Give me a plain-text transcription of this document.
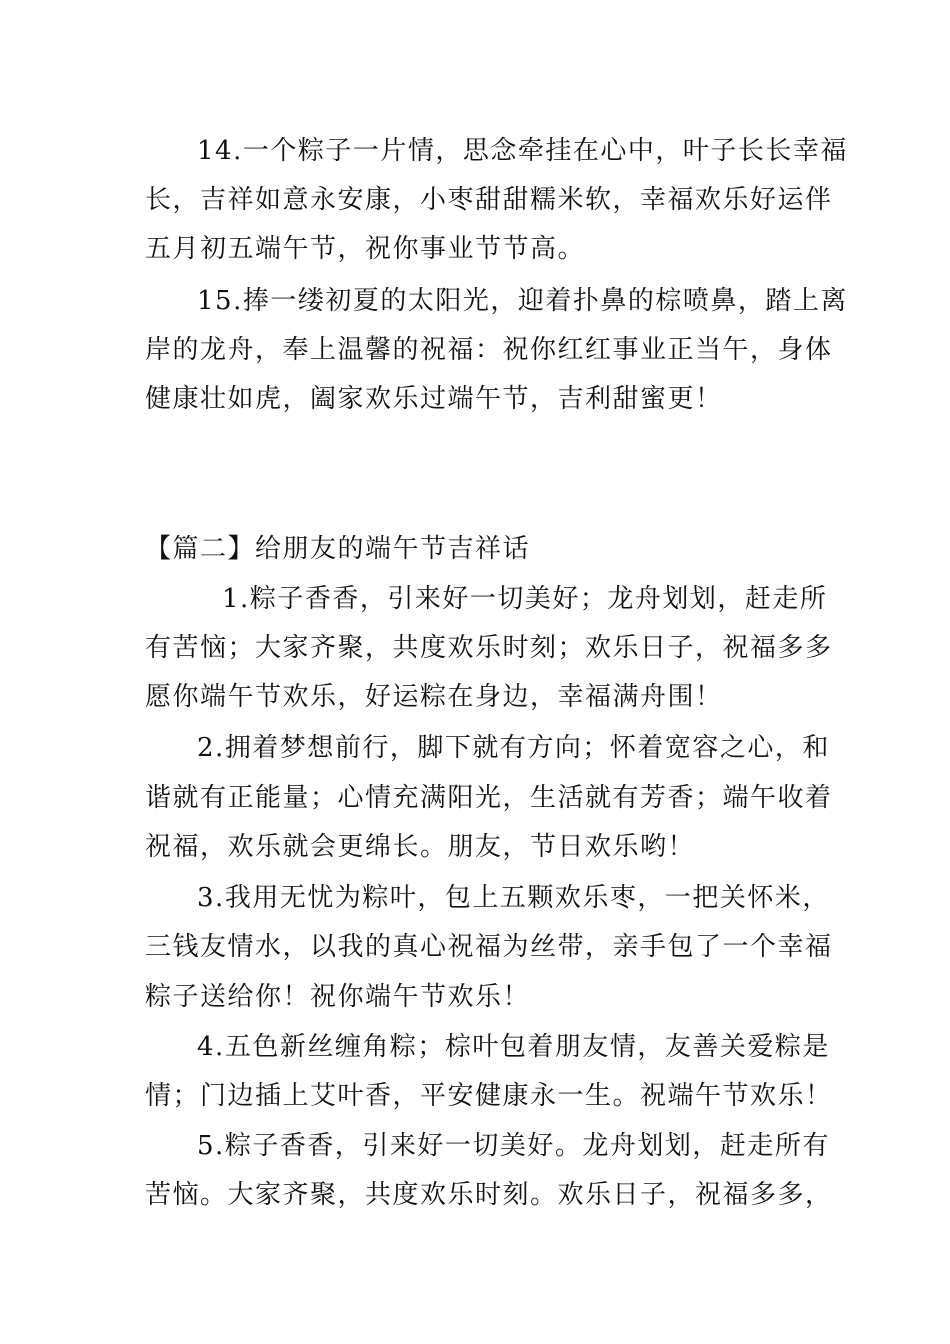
14.一个粽子一片情，思念牵挂在心中，叶子长长幸福
长，吉祥如意永安康，小枣甜甜糯米软，幸福欢乐好运伴
五月初五端午节，祝你事业节节高。
15.捧一缕初夏的太阳光，迎着扑鼻的棕喷鼻，踏上离
岸的龙舟，奉上温馨的祝福：祝你红红事业正当午，身体
健康壮如虎，阖家欢乐过端午节，吉利甜蜜更！
【篇二】给朋友的端午节吉祥话
1.粽子香香，引来好一切美好；龙舟划划，赶走所
有苦恼；大家齐聚，共度欢乐时刻；欢乐日子，祝福多多
愿你端午节欢乐，好运粽在身边，幸福满舟围！
2.拥着梦想前行，脚下就有方向；怀着宽容之心，和
谐就有正能量；心情充满阳光，生活就有芳香；端午收着
祝福，欢乐就会更绵长。朋友，节日欢乐哟！
3.我用无忧为粽叶，包上五颗欢乐枣，一把关怀米，
三钱友情水，以我的真心祝福为丝带，亲手包了一个幸福
粽子送给你！祝你端午节欢乐！
4.五色新丝缠角粽；棕叶包着朋友情，友善关爱粽是
情；门边插上艾叶香，平安健康永一生。祝端午节欢乐！
5.粽子香香，引来好一切美好。龙舟划划，赶走所有
苦恼。大家齐聚，共度欢乐时刻。欢乐日子，祝福多多，
